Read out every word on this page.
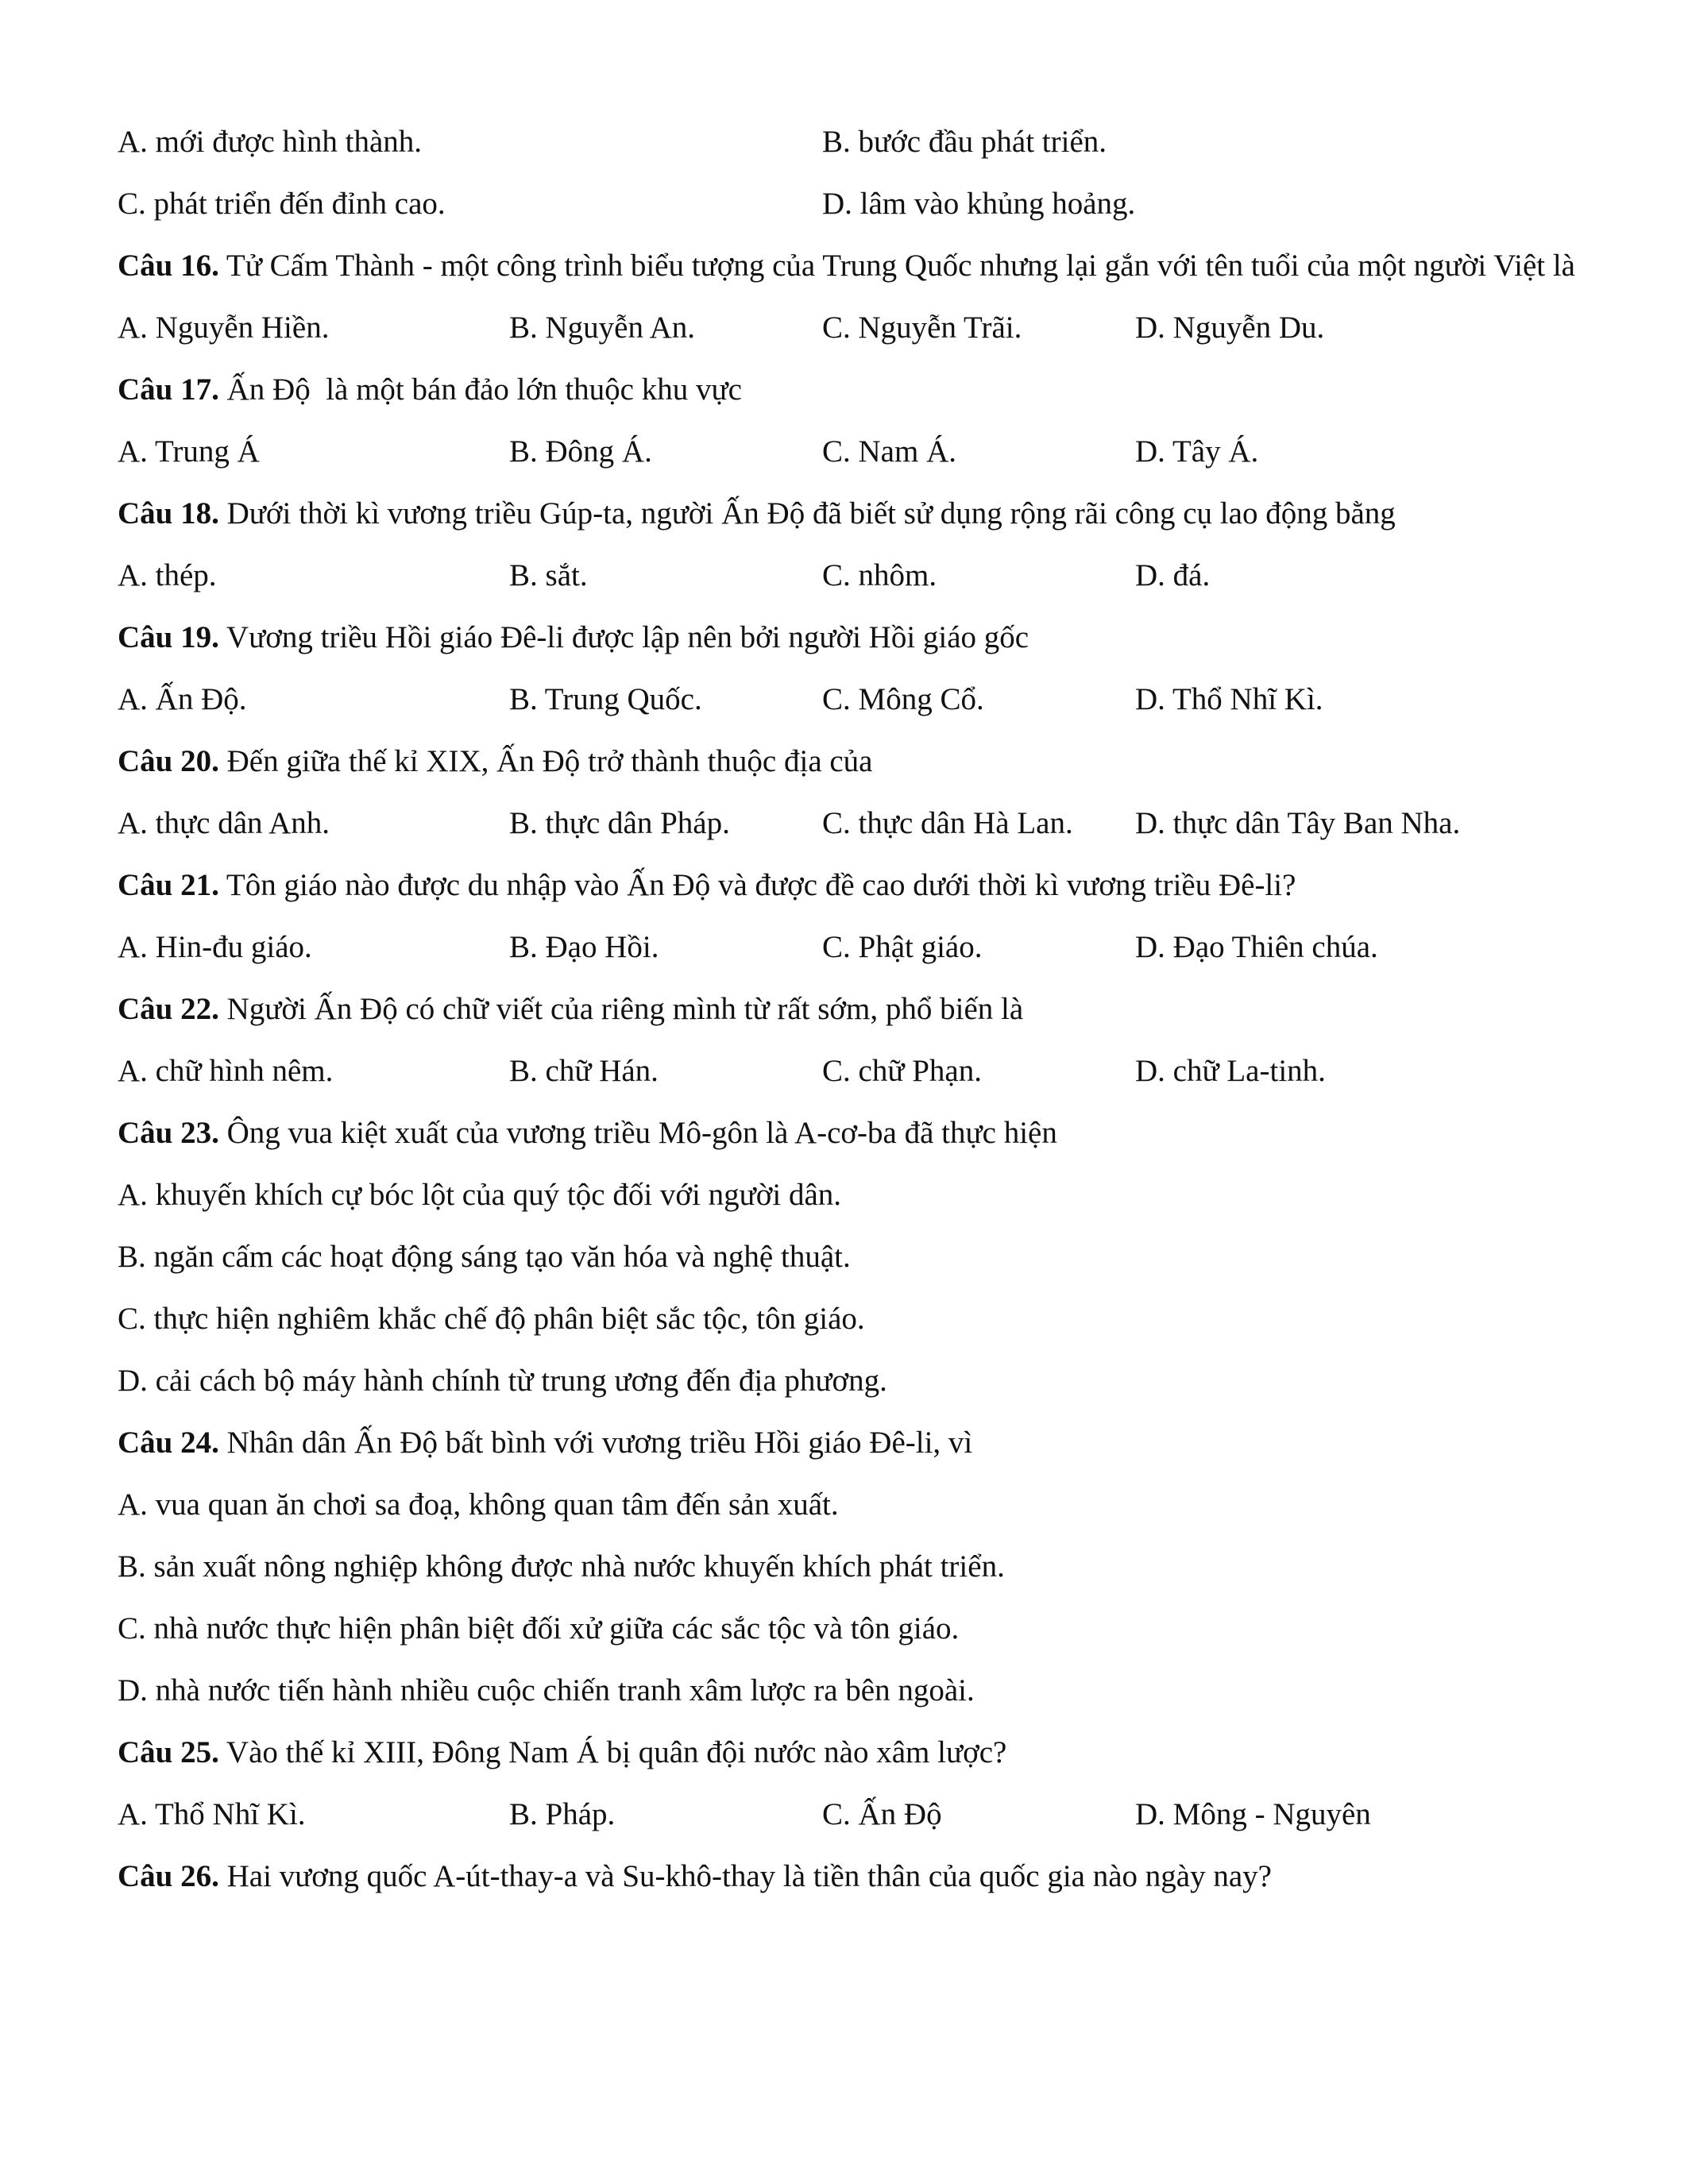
A. mới được hình thành.	B. bước đầu phát triển.
C. phát triển đến đỉnh cao.	D. lâm vào khủng hoảng.
Câu 16. Tử Cấm Thành - một công trình biểu tượng của Trung Quốc nhưng lại gắn với tên tuổi của một người Việt là
A. Nguyễn Hiền.	B. Nguyễn An.	C. Nguyễn Trãi.	D. Nguyễn Du.
Câu 17. Ấn Độ  là một bán đảo lớn thuộc khu vực
A. Trung Á	B. Đông Á.	C. Nam Á.	D. Tây Á.
Câu 18. Dưới thời kì vương triều Gúp-ta, người Ấn Độ đã biết sử dụng rộng rãi công cụ lao động bằng
A. thép.	B. sắt.	C. nhôm.	D. đá.
Câu 19. Vương triều Hồi giáo Đê-li được lập nên bởi người Hồi giáo gốc
A. Ấn Độ.	B. Trung Quốc.	C. Mông Cổ.	D. Thổ Nhĩ Kì.
Câu 20. Đến giữa thế kỉ XIX, Ấn Độ trở thành thuộc địa của
A. thực dân Anh.	B. thực dân Pháp.	C. thực dân Hà Lan. D. thực dân Tây Ban Nha.
Câu 21. Tôn giáo nào được du nhập vào Ấn Độ và được đề cao dưới thời kì vương triều Đê-li?
A. Hin-đu giáo.	B. Đạo Hồi.	C. Phật giáo.	D. Đạo Thiên chúa.
Câu 22. Người Ấn Độ có chữ viết của riêng mình từ rất sớm, phổ biến là
A. chữ hình nêm.	B. chữ Hán.	C. chữ Phạn.	D. chữ La-tinh.
Câu 23. Ông vua kiệt xuất của vương triều Mô-gôn là A-cơ-ba đã thực hiện
A. khuyến khích cự bóc lột của quý tộc đối với người dân.
B. ngăn cấm các hoạt động sáng tạo văn hóa và nghệ thuật.
C. thực hiện nghiêm khắc chế độ phân biệt sắc tộc, tôn giáo.
D. cải cách bộ máy hành chính từ trung ương đến địa phương.
Câu 24. Nhân dân Ấn Độ bất bình với vương triều Hồi giáo Đê-li, vì
A. vua quan ăn chơi sa đoạ, không quan tâm đến sản xuất.
B. sản xuất nông nghiệp không được nhà nước khuyến khích phát triển.
C. nhà nước thực hiện phân biệt đối xử giữa các sắc tộc và tôn giáo.
D. nhà nước tiến hành nhiều cuộc chiến tranh xâm lược ra bên ngoài.
Câu 25. Vào thế kỉ XIII, Đông Nam Á bị quân đội nước nào xâm lược?
A. Thổ Nhĩ Kì.	B. Pháp.	C. Ấn Độ	D. Mông - Nguyên
Câu 26. Hai vương quốc A-út-thay-a và Su-khô-thay là tiền thân của quốc gia nào ngày nay?
